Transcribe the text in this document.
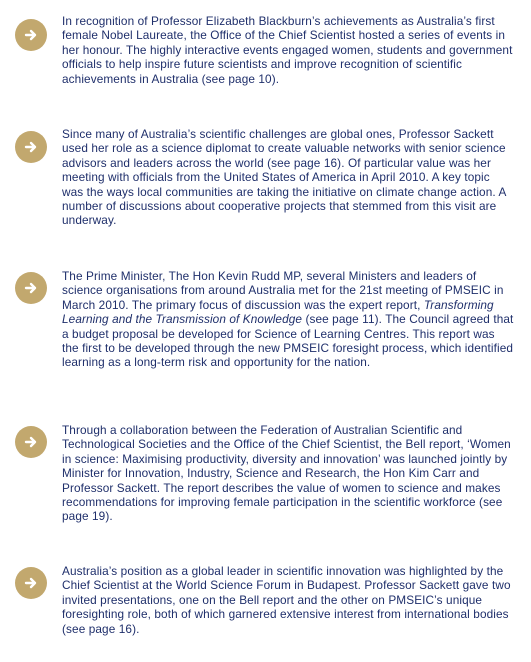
In recognition of Professor Elizabeth Blackburn’s achievements as Australia’s first female Nobel Laureate, the Office of the Chief Scientist hosted a series of events in her honour. The highly interactive events engaged women, students and government officials to help inspire future scientists and improve recognition of scientific achievements in Australia (see page 10).

Since many of Australia’s scientific challenges are global ones, Professor Sackett used her role as a science diplomat to create valuable networks with senior science advisors and leaders across the world (see page 16). Of particular value was her meeting with officials from the United States of America in April 2010. A key topic was the ways local communities are taking the initiative on climate change action. A number of discussions about cooperative projects that stemmed from this visit are underway.

The Prime Minister, The Hon Kevin Rudd MP, several Ministers and leaders of science organisations from around Australia met for the 21st meeting of PMSEIC in March 2010. The primary focus of discussion was the expert report, Transforming Learning and the Transmission of Knowledge (see page 11). The Council agreed that a budget proposal be developed for Science of Learning Centres. This report was the first to be developed through the new PMSEIC foresight process, which identified learning as a long-term risk and opportunity for the nation.

Through a collaboration between the Federation of Australian Scientific and Technological Societies and the Office of the Chief Scientist, the Bell report, ‘Women in science: Maximising productivity, diversity and innovation’ was launched jointly by Minister for Innovation, Industry, Science and Research, the Hon Kim Carr and Professor Sackett. The report describes the value of women to science and makes recommendations for improving female participation in the scientific workforce (see page 19).

Australia’s position as a global leader in scientific innovation was highlighted by the Chief Scientist at the World Science Forum in Budapest. Professor Sackett gave two invited presentations, one on the Bell report and the other on PMSEIC’s unique foresighting role, both of which garnered extensive interest from international bodies (see page 16).
